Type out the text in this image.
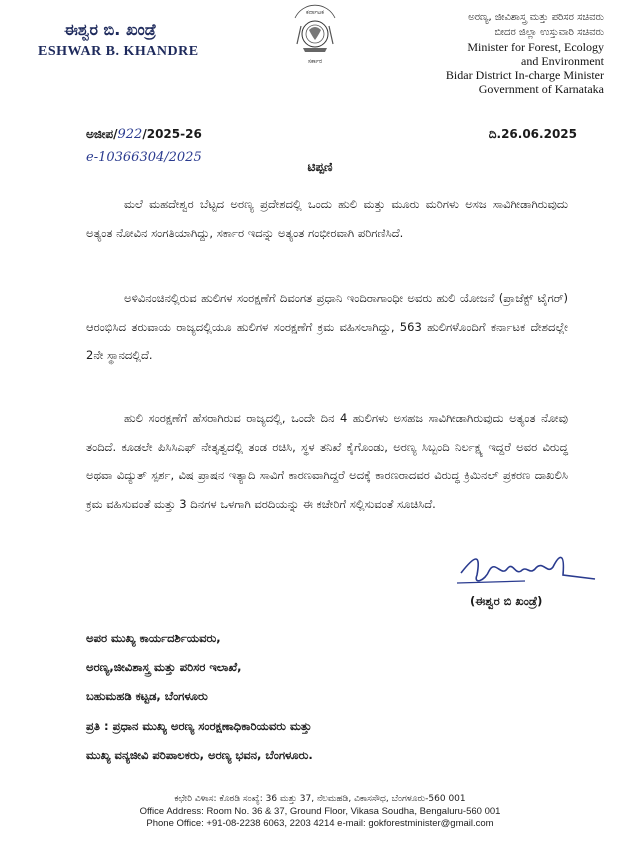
ಈಶ್ವರ ಬಿ. ಖಂಡ್ರೆ
ESHWAR B. KHANDRE
ಕರ್ನಾಟಕ
ಸರ್ಕಾರ
ಅರಣ್ಯ, ಜೀವಿಶಾಸ್ತ್ರ ಮತ್ತು ಪರಿಸರ ಸಚಿವರು
ಬೀದರ ಜಿಲ್ಲಾ ಉಸ್ತುವಾರಿ ಸಚಿವರು
Minister for Forest, Ecology
and Environment
Bidar District In-charge Minister
Government of Karnataka
ಅಜೀಪ/922/2025-26	ದಿ.26.06.2025
e-10366304/2025
ಟಿಪ್ಪಣಿ

ಮಲೆ ಮಹದೇಶ್ವರ ಬೆಟ್ಟದ ಅರಣ್ಯ ಪ್ರದೇಶದಲ್ಲಿ ಒಂದು ಹುಲಿ ಮತ್ತು ಮೂರು ಮರಿಗಳು ಅಸಜ ಸಾವಿಗೀಡಾಗಿರುವುದು ಅತ್ಯಂತ ನೋವಿನ ಸಂಗತಿಯಾಗಿದ್ದು, ಸರ್ಕಾರ ಇದನ್ನು ಅತ್ಯಂತ ಗಂಭೀರವಾಗಿ ಪರಿಗಣಿಸಿದೆ.

ಅಳಿವಿನಂಚಿನಲ್ಲಿರುವ ಹುಲಿಗಳ ಸಂರಕ್ಷಣೆಗೆ ದಿವಂಗತ ಪ್ರಧಾನಿ ಇಂದಿರಾಗಾಂಧೀ ಅವರು ಹುಲಿ ಯೋಜನೆ (ಪ್ರಾಜೆಕ್ಟ್ ಟೈಗರ್) ಆರಂಭಿಸಿದ ತರುವಾಯ ರಾಜ್ಯದಲ್ಲಿಯೂ ಹುಲಿಗಳ ಸಂರಕ್ಷಣೆಗೆ ಕ್ರಮ ವಹಿಸಲಾಗಿದ್ದು, 563 ಹುಲಿಗಳೊಂದಿಗೆ ಕರ್ನಾಟಕ ದೇಶದಲ್ಲೇ 2ನೇ ಸ್ಥಾನದಲ್ಲಿದೆ.

ಹುಲಿ ಸಂರಕ್ಷಣೆಗೆ ಹೆಸರಾಗಿರುವ ರಾಜ್ಯದಲ್ಲಿ, ಒಂದೇ ದಿನ 4 ಹುಲಿಗಳು ಅಸಹಜ ಸಾವಿಗೀಡಾಗಿರುವುದು ಅತ್ಯಂತ ನೋವು ತಂದಿದೆ. ಕೂಡಲೇ ಪಿಸಿಸಿಎಫ್ ನೇತೃತ್ವದಲ್ಲಿ ತಂಡ ರಚಿಸಿ, ಸ್ಥಳ ತನಿಖೆ ಕೈಗೊಂಡು, ಅರಣ್ಯ ಸಿಬ್ಬಂದಿ ನಿರ್ಲಕ್ಷ್ಯ ಇದ್ದರೆ ಅವರ ವಿರುದ್ಧ ಅಥವಾ ವಿದ್ಯುತ್ ಸ್ಪರ್ಶ, ವಿಷ ಪ್ರಾಷನ ಇತ್ಯಾದಿ ಸಾವಿಗೆ ಕಾರಣವಾಗಿದ್ದರೆ ಅದಕ್ಕೆ ಕಾರಣರಾದವರ ವಿರುದ್ಧ ಕ್ರಿಮಿನಲ್ ಪ್ರಕರಣ ದಾಖಲಿಸಿ ಕ್ರಮ ವಹಿಸುವಂತೆ ಮತ್ತು 3 ದಿನಗಳ ಒಳಗಾಗಿ ವರದಿಯನ್ನು ಈ ಕಚೇರಿಗೆ ಸಲ್ಲಿಸುವಂತೆ ಸೂಚಿಸಿದೆ.

(ಈಶ್ವರ ಬಿ ಖಂಡ್ರೆ)
ಅಪರ ಮುಖ್ಯ ಕಾರ್ಯದರ್ಶಿಯವರು,
ಅರಣ್ಯ,ಜೀವಿಶಾಸ್ತ್ರ ಮತ್ತು ಪರಿಸರ ಇಲಾಖೆ,
ಬಹುಮಹಡಿ ಕಟ್ಟಡ, ಬೆಂಗಳೂರು
ಪ್ರತಿ : ಪ್ರಧಾನ ಮುಖ್ಯ ಅರಣ್ಯ ಸಂರಕ್ಷಣಾಧಿಕಾರಿಯವರು ಮತ್ತು
ಮುಖ್ಯ ವನ್ಯಜೀವಿ ಪರಿಪಾಲಕರು, ಅರಣ್ಯ ಭವನ, ಬೆಂಗಳೂರು.
ಕಛೇರಿ ವಿಳಾಸ: ಕೊಠಡಿ ಸಂಖ್ಯೆ: 36 ಮತ್ತು 37, ನೆಲಮಹಡಿ, ವಿಕಾಸಸೌಧ, ಬೆಂಗಳೂರು-560 001
Office Address: Room No. 36 & 37, Ground Floor, Vikasa Soudha, Bengaluru-560 001
Phone Office: +91-08-2238 6063, 2203 4214 e-mail: gokforestminister@gmail.com
